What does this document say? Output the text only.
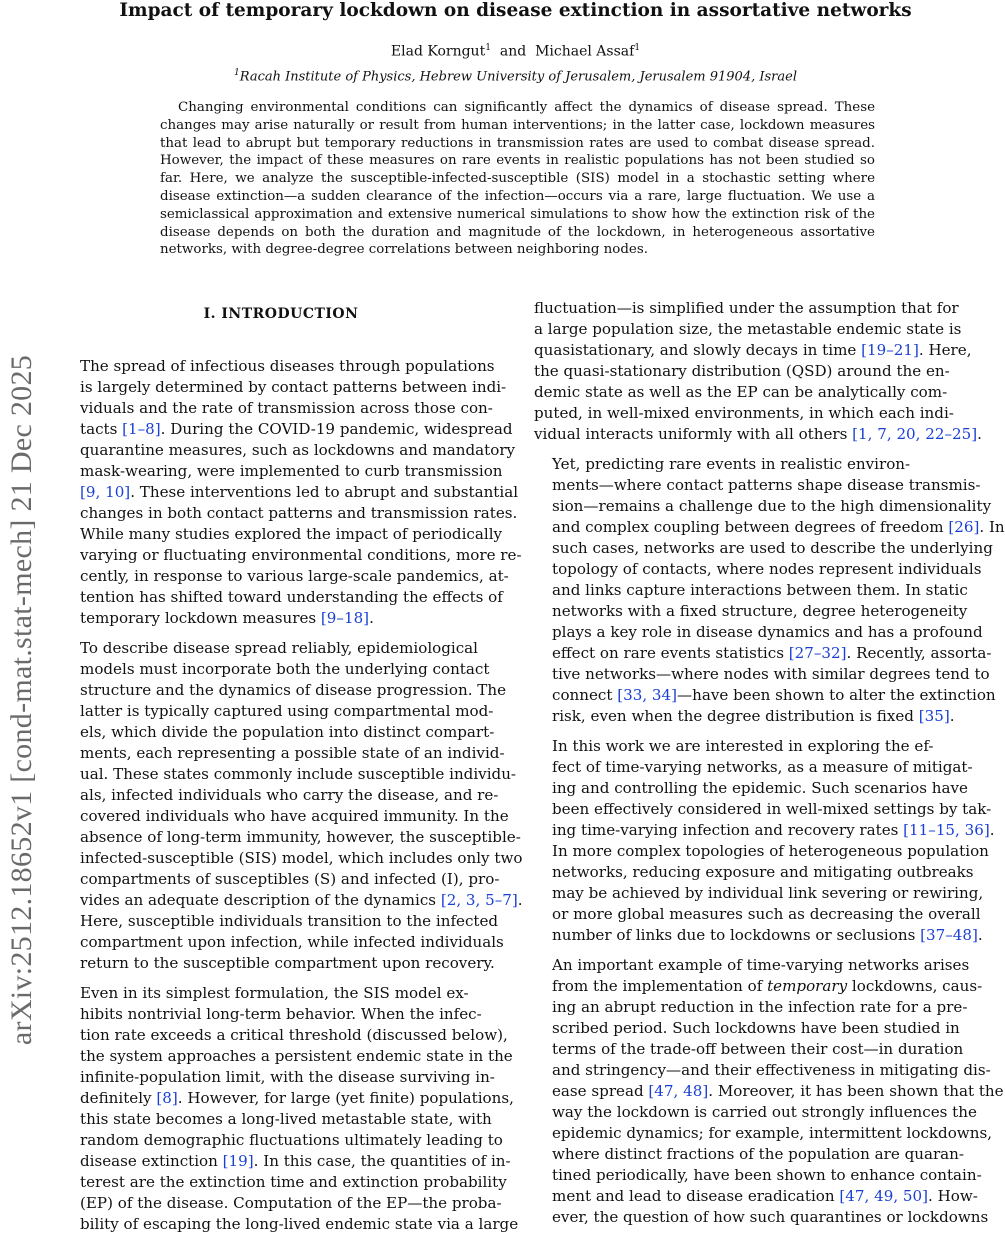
arXiv:2512.18652v1 [cond-mat.stat-mech] 21 Dec 2025
Impact of temporary lockdown on disease extinction in assortative networks
Elad Korngut$^1$ and Michael Assaf$^1$
$^1$Racah Institute of Physics, Hebrew University of Jerusalem, Jerusalem 91904, Israel

Changing environmental conditions can significantly affect the dynamics of disease spread. These changes may arise naturally or result from human interventions; in the latter case, lockdown measures that lead to abrupt but temporary reductions in transmission rates are used to combat disease spread. However, the impact of these measures on rare events in realistic populations has not been studied so far. Here, we analyze the susceptible-infected-susceptible (SIS) model in a stochastic setting where disease extinction—a sudden clearance of the infection—occurs via a rare, large fluctuation. We use a semiclassical approximation and extensive numerical simulations to show how the extinction risk of the disease depends on both the duration and magnitude of the lockdown, in heterogeneous assortative networks, with degree-degree correlations between neighboring nodes.

I. INTRODUCTION
The spread of infectious diseases through populations
is largely determined by contact patterns between indi-
viduals and the rate of transmission across those con-
tacts [1–8]. During the COVID-19 pandemic, widespread
quarantine measures, such as lockdowns and mandatory
mask-wearing, were implemented to curb transmission
[9, 10]. These interventions led to abrupt and substantial
changes in both contact patterns and transmission rates.
While many studies explored the impact of periodically
varying or fluctuating environmental conditions, more re-
cently, in response to various large-scale pandemics, at-
tention has shifted toward understanding the effects of
temporary lockdown measures [9–18].
To describe disease spread reliably, epidemiological
models must incorporate both the underlying contact
structure and the dynamics of disease progression. The
latter is typically captured using compartmental mod-
els, which divide the population into distinct compart-
ments, each representing a possible state of an individ-
ual. These states commonly include susceptible individu-
als, infected individuals who carry the disease, and re-
covered individuals who have acquired immunity. In the
absence of long-term immunity, however, the susceptible-
infected-susceptible (SIS) model, which includes only two
compartments of susceptibles (S) and infected (I), pro-
vides an adequate description of the dynamics [2, 3, 5–7].
Here, susceptible individuals transition to the infected
compartment upon infection, while infected individuals
return to the susceptible compartment upon recovery.
Even in its simplest formulation, the SIS model ex-
hibits nontrivial long-term behavior. When the infec-
tion rate exceeds a critical threshold (discussed below),
the system approaches a persistent endemic state in the
infinite-population limit, with the disease surviving in-
definitely [8]. However, for large (yet finite) populations,
this state becomes a long-lived metastable state, with
random demographic fluctuations ultimately leading to
disease extinction [19]. In this case, the quantities of in-
terest are the extinction time and extinction probability
(EP) of the disease. Computation of the EP—the proba-
bility of escaping the long-lived endemic state via a large
fluctuation—is simplified under the assumption that for
a large population size, the metastable endemic state is
quasistationary, and slowly decays in time [19–21]. Here,
the quasi-stationary distribution (QSD) around the en-
demic state as well as the EP can be analytically com-
puted, in well-mixed environments, in which each indi-
vidual interacts uniformly with all others [1, 7, 20, 22–25].
Yet, predicting rare events in realistic environ-
ments—where contact patterns shape disease transmis-
sion—remains a challenge due to the high dimensionality
and complex coupling between degrees of freedom [26]. In
such cases, networks are used to describe the underlying
topology of contacts, where nodes represent individuals
and links capture interactions between them. In static
networks with a fixed structure, degree heterogeneity
plays a key role in disease dynamics and has a profound
effect on rare events statistics [27–32]. Recently, assorta-
tive networks—where nodes with similar degrees tend to
connect [33, 34]—have been shown to alter the extinction
risk, even when the degree distribution is fixed [35].
In this work we are interested in exploring the ef-
fect of time-varying networks, as a measure of mitigat-
ing and controlling the epidemic. Such scenarios have
been effectively considered in well-mixed settings by tak-
ing time-varying infection and recovery rates [11–15, 36].
In more complex topologies of heterogeneous population
networks, reducing exposure and mitigating outbreaks
may be achieved by individual link severing or rewiring,
or more global measures such as decreasing the overall
number of links due to lockdowns or seclusions [37–48].
An important example of time-varying networks arises
from the implementation of temporary lockdowns, caus-
ing an abrupt reduction in the infection rate for a pre-
scribed period. Such lockdowns have been studied in
terms of the trade-off between their cost—in duration
and stringency—and their effectiveness in mitigating dis-
ease spread [47, 48]. Moreover, it has been shown that the
way the lockdown is carried out strongly influences the
epidemic dynamics; for example, intermittent lockdowns,
where distinct fractions of the population are quaran-
tined periodically, have been shown to enhance contain-
ment and lead to disease eradication [47, 49, 50]. How-
ever, the question of how such quarantines or lockdowns
